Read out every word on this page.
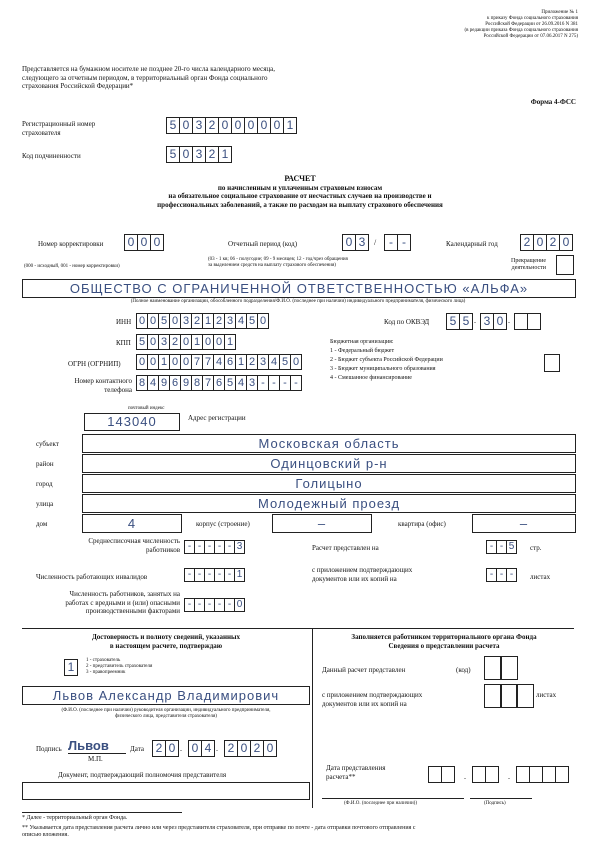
Приложение № 1
к приказу Фонда социального страхования
Российской Федерации от 26.09.2016 N 381
(в редакции приказа Фонда социального страхования
Российской Федерации от 07.06.2017 N 275)
Представляется на бумажном носителе не позднее 20-го числа календарного месяца,
следующего за отчетным периодом, в территориальный орган Фонда социального
страхования Российской Федерации*
Форма 4-ФСС
Регистрационный номер
страхователя
5 0 3 2 0 0 0 0 0 1
Код подчиненности	5 0 3 2 1
РАСЧЕТ
по начисленным и уплаченным страховым взносам
на обязательное социальное страхование от несчастных случаев на производстве и
профессиональных заболеваний, а также по расходам на выплату страхового обеспечения
Номер корректировки	0 0 0
(000 - исходный, 001 - номер корректировки)
Отчетный период (код)	0 3	/	- -
(03 - 1 кв; 06 - полугодие; 09 - 9 месяцев; 12 - год/чрез обращения
за выделением средств на выплату страхового обеспечения)
Календарный год	2 0 2 0
Прекращение
деятельности
ОБЩЕСТВО С ОГРАНИЧЕННОЙ ОТВЕТСТВЕННОСТЬЮ «АЛЬФА»
(Полное наименование организации, обособленного подразделения/Ф.И.О. (последнее при наличии) индивидуального предпринимателя, физического лица)
ИНН 0 0 5 0 3 2 1 2 3 4 5 0	Код по ОКВЭД	5 5 . 3 0 .
КПП 5 0 3 2 0 1 0 0 1	Бюджетная организация:
1 - Федеральный бюджет
2 - Бюджет субъекта Российской Федерации
3 - Бюджет муниципального образования
4 - Смешанное финансирование
ОГРН (ОГРНИП) 0 0 1 0 0 7 7 4 6 1 2 3 4 5 0
Номер контактного
телефона
8 4 9 6 9 8 7 6 5 4 3 - - - -
почтовый индекс
143040	Адрес регистрации
субъект	Московская область
район	Одинцовский р-н
город	Голицыно
улица	Молодежный проезд
дом	4	корпус (строение)	–	квартира (офис)	–
Среднесписочная численность
работников - - - - - 3	Расчет представлен на	- - 5	стр.
Численность работающих инвалидов	- - - - - 1	с приложением подтверждающих
документов или их копий на	- - -	листах
Численность работников, занятых на
работах с вредными и (или) опасными
производственными факторами
- - - - - 0
Достоверность и полноту сведений, указанных
в настоящем расчете, подтверждаю
1	1 - страхователь
2 - представитель страхователя
3 - правопреемник
Львов Александр Владимирович
(Ф.И.О. (последнее при наличии) руководителя организации, индивидуального предпринимателя,
физического лица, представителя страхователя)
Подпись Львов
М.П.
Дата 2 0 . 0 4 . 2 0 2 0
Документ, подтверждающий полномочия представителя
Заполняется работником территориального органа Фонда
Сведения о представлении расчета
Данный расчет представлен	(код)
с приложением подтверждающих
документов или их копий на
листах
Дата представления
расчета**	.	.
(Ф.И.О. (последнее при наличии))	(Подпись)
* Далее - территориальный орган Фонда.
** Указывается дата представления расчета лично или через представителя страхователя, при отправке по почте - дата отправки почтового отправления с
описью вложения.
